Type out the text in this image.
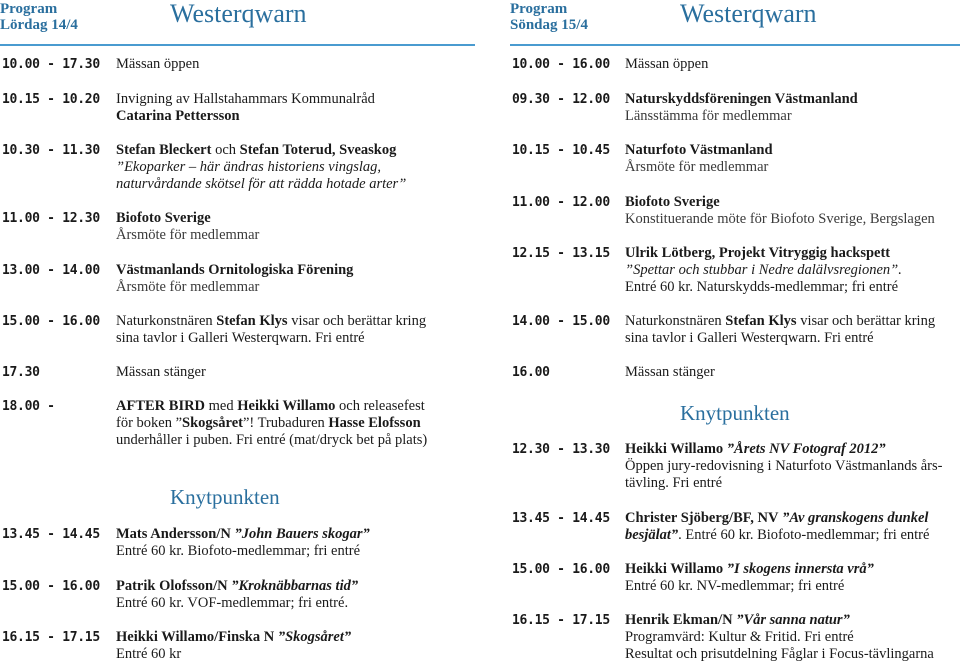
Program
Lördag 14/4	Westerqwarn
10.00 - 17.30 Mässan öppen
10.15 - 10.20 Invigning av Hallstahammars Kommunalråd
Catarina Pettersson
10.30 - 11.30 Stefan Bleckert och Stefan Toterud, Sveaskog
”Ekoparker – här ändras historiens vingslag,
naturvårdande skötsel för att rädda hotade arter”
11.00 - 12.30 Biofoto Sverige
Årsmöte för medlemmar
13.00 - 14.00 Västmanlands Ornitologiska Förening
Årsmöte för medlemmar
15.00 - 16.00 Naturkonstnären Stefan Klys visar och berättar kring
sina tavlor i Galleri Westerqwarn. Fri entré
17.30	Mässan stänger
18.00 -	AFTER BIRD med Heikki Willamo och releasefest
för boken ”Skogsåret”! Trubaduren Hasse Elofsson
underhåller i puben. Fri entré (mat/dryck bet på plats)
Knytpunkten
13.45 - 14.45 Mats Andersson/N ”John Bauers skogar”
Entré 60 kr. Biofoto-medlemmar; fri entré
15.00 - 16.00 Patrik Olofsson/N ”Kroknäbbarnas tid”
Entré 60 kr. VOF-medlemmar; fri entré.
16.15 - 17.15 Heikki Willamo/Finska N ”Skogsåret”
Entré 60 kr
Program
Söndag 15/4	Westerqwarn
10.00 - 16.00 Mässan öppen
09.30 - 12.00 Naturskyddsföreningen Västmanland
Länsstämma för medlemmar
10.15 - 10.45 Naturfoto Västmanland
Årsmöte för medlemmar
11.00 - 12.00 Biofoto Sverige
Konstituerande möte för Biofoto Sverige, Bergslagen
12.15 - 13.15 Ulrik Lötberg, Projekt Vitryggig hackspett
”Spettar och stubbar i Nedre dalälvsregionen”.
Entré 60 kr. Naturskydds-medlemmar; fri entré
14.00 - 15.00 Naturkonstnären Stefan Klys visar och berättar kring
sina tavlor i Galleri Westerqwarn. Fri entré
16.00	Mässan stänger
Knytpunkten
12.30 - 13.30 Heikki Willamo ”Årets NV Fotograf 2012”
Öppen jury-redovisning i Naturfoto Västmanlands års-
tävling. Fri entré
13.45 - 14.45 Christer Sjöberg/BF, NV ”Av granskogens dunkel
besjälat”. Entré 60 kr. Biofoto-medlemmar; fri entré
15.00 - 16.00 Heikki Willamo ”I skogens innersta vrå”
Entré 60 kr. NV-medlemmar; fri entré
16.15 - 17.15 Henrik Ekman/N ”Vår sanna natur”
Programvärd: Kultur & Fritid. Fri entré
Resultat och prisutdelning Fåglar i Focus-tävlingarna
